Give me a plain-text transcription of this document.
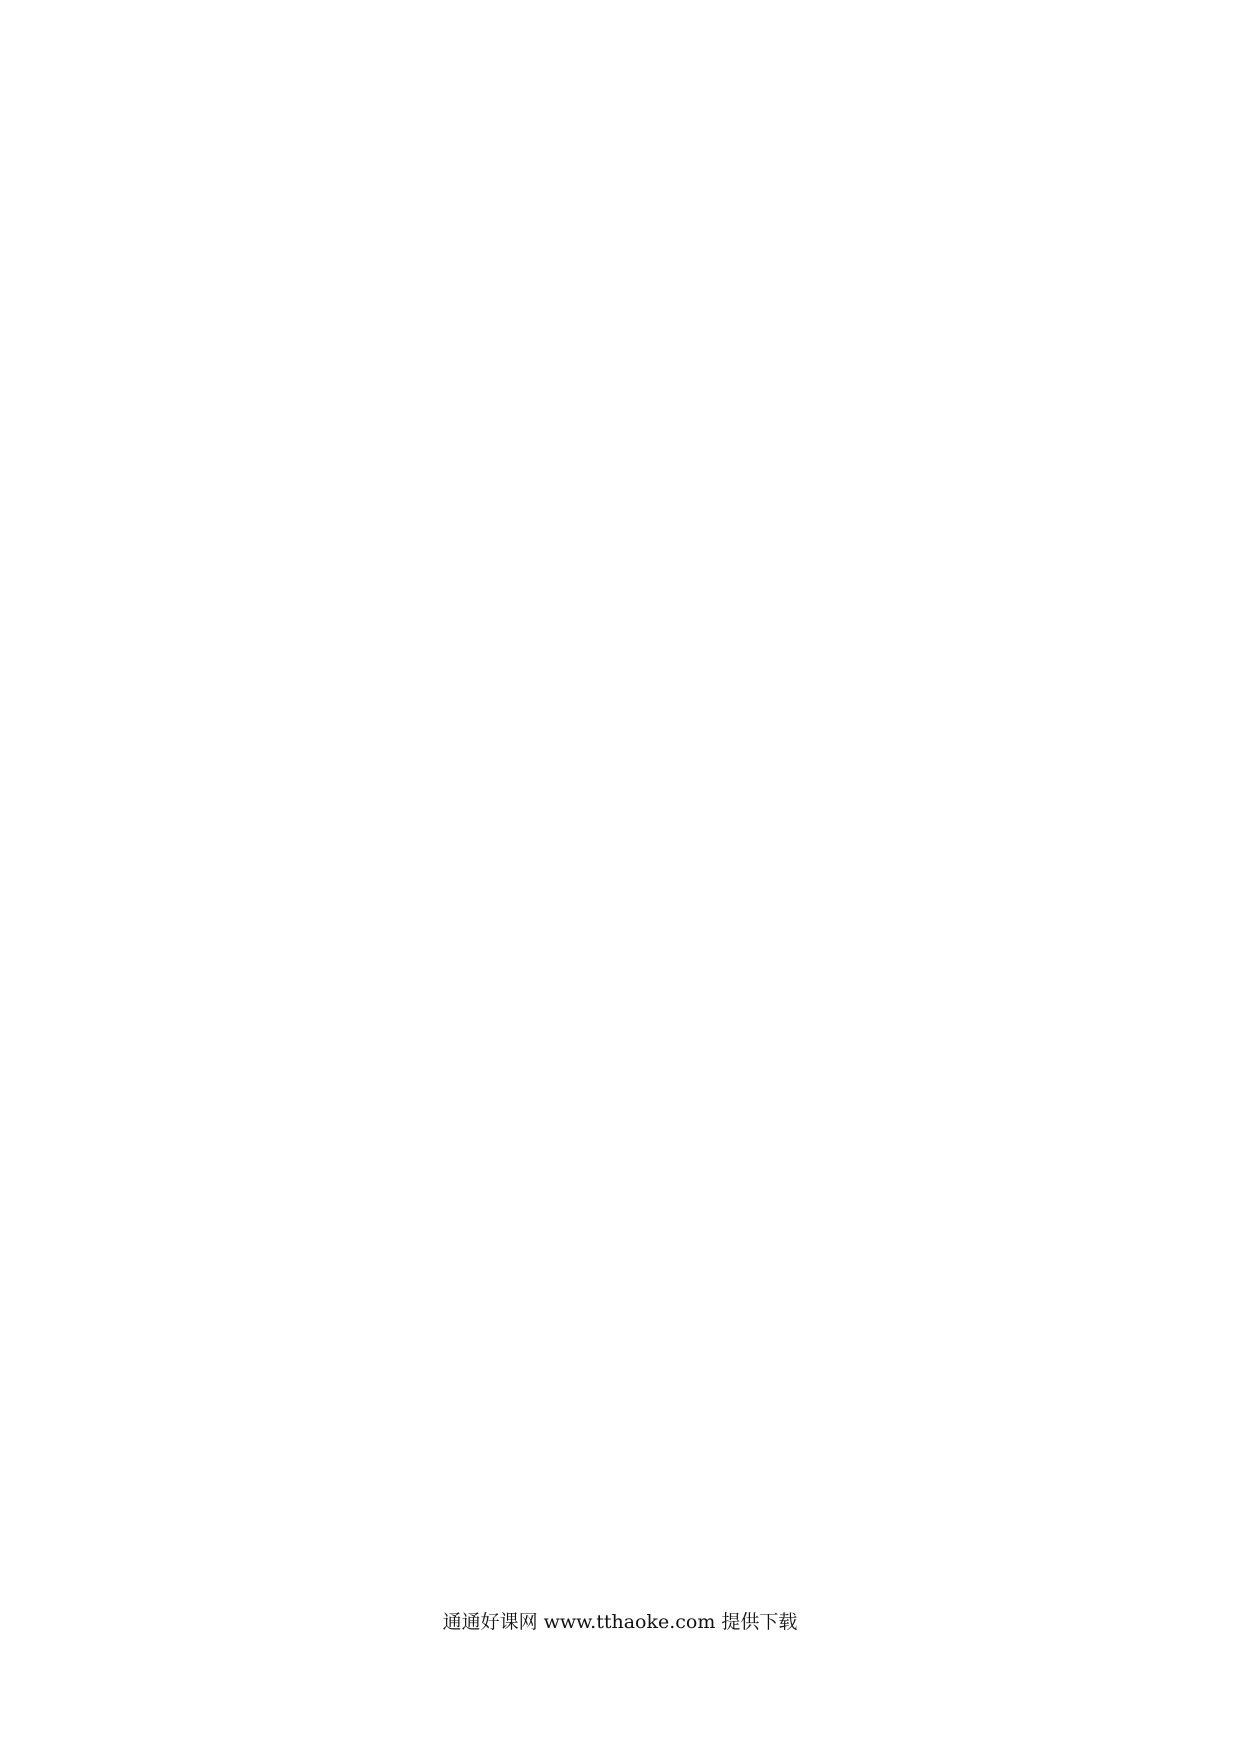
通通好课网 www.tthaoke.com 提供下载
